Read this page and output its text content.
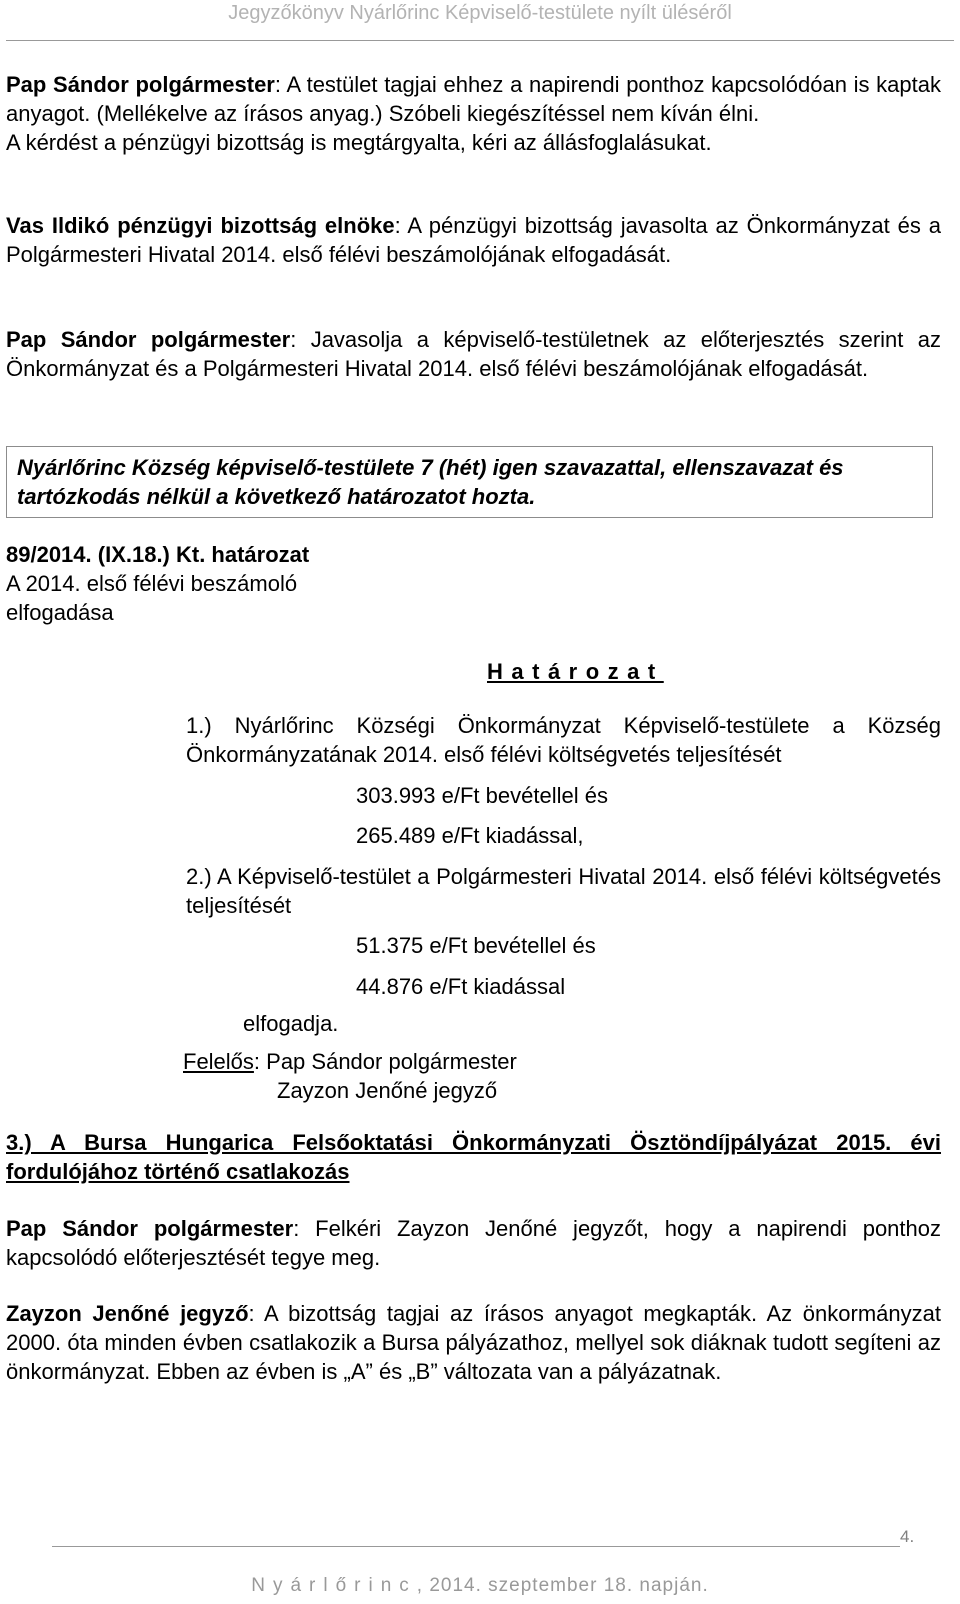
Jegyzőkönyv Nyárlőrinc Képviselő-testülete nyílt üléséről
Pap Sándor polgármester: A testület tagjai ehhez a napirendi ponthoz kapcsolódóan is kaptak anyagot. (Mellékelve az írásos anyag.) Szóbeli kiegészítéssel nem kíván élni.
A kérdést a pénzügyi bizottság is megtárgyalta, kéri az állásfoglalásukat.
Vas Ildikó pénzügyi bizottság elnöke: A pénzügyi bizottság javasolta az Önkormányzat és a Polgármesteri Hivatal 2014. első félévi beszámolójának elfogadását.
Pap Sándor polgármester: Javasolja a képviselő-testületnek az előterjesztés szerint az Önkormányzat és a Polgármesteri Hivatal 2014. első félévi beszámolójának elfogadását.
Nyárlőrinc Község képviselő-testülete 7 (hét) igen szavazattal, ellenszavazat és tartózkodás nélkül a következő határozatot hozta.
89/2014. (IX.18.) Kt. határozat
A 2014. első félévi beszámoló
elfogadása
Határozat
1.) Nyárlőrinc Községi Önkormányzat Képviselő-testülete a Község Önkormányzatának 2014. első félévi költségvetés teljesítését
303.993 e/Ft bevétellel és
265.489 e/Ft kiadással,
2.) A Képviselő-testület a Polgármesteri Hivatal 2014. első félévi költségvetés teljesítését
51.375 e/Ft bevétellel és
44.876 e/Ft kiadással
elfogadja.
Felelős: Pap Sándor polgármester
Zayzon Jenőné jegyző
3.) A Bursa Hungarica Felsőoktatási Önkormányzati Ösztöndíjpályázat 2015. évi fordulójához történő csatlakozás
Pap Sándor polgármester: Felkéri Zayzon Jenőné jegyzőt, hogy a napirendi ponthoz kapcsolódó előterjesztését tegye meg.
Zayzon Jenőné jegyző: A bizottság tagjai az írásos anyagot megkapták. Az önkormányzat 2000. óta minden évben csatlakozik a Bursa pályázathoz, mellyel sok diáknak tudott segíteni az önkormányzat. Ebben az évben is „A” és „B” változata van a pályázatnak.
4.
Nyárlőrinc, 2014. szeptember 18. napján.
